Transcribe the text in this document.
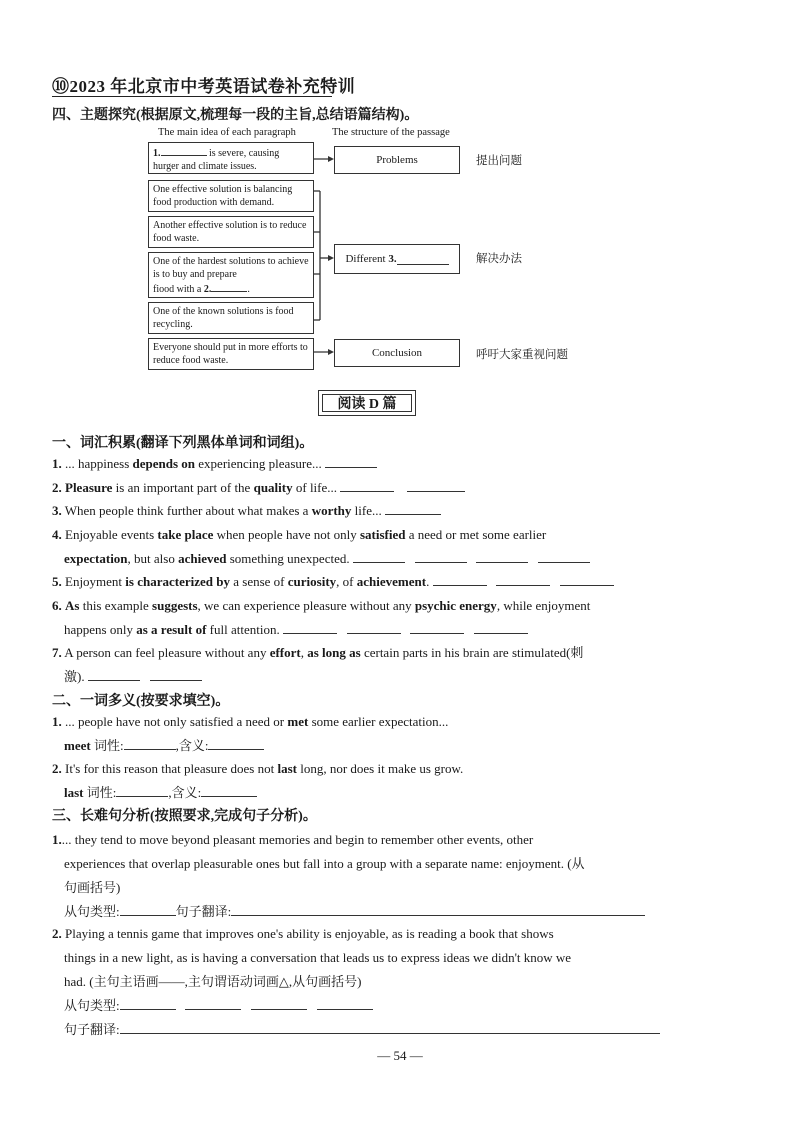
⑩2023 年北京市中考英语试卷补充特训
四、主题探究(根据原文,梳理每一段的主旨,总结语篇结构)。
The main idea of each paragraph	The structure of the passage
1.	is severe, causing
hurger and climate issues.
One effective solution is balancing food production with demand.
Another effective solution is to reduce food waste.
One of the hardest solutions to achieve is to buy and prepare
fiood with a 2.	.
One of the known solutions is food recycling.
Everyone should put in more efforts to reduce food waste.
Problems
Different
3.
Conclusion
提出问题
解决办法
呼吁大家重视问题
阅读 D 篇
一、词汇积累(翻译下列黑体单词和词组)。
1. ... happiness depends on experiencing pleasure...
2. Pleasure is an important part of the quality of life...
3. When people think further about what makes a worthy life...
4. Enjoyable events take place when people have not only satisfied a need or met some earlier
expectation, but also achieved something unexpected.
5. Enjoyment is characterized by a sense of curiosity, of achievement.
6. As this example suggests, we can experience pleasure without any psychic energy, while enjoyment
happens only as a result of full attention.
7. A person can feel pleasure without any effort, as long as certain parts in his brain are stimulated(刺
激).
二、一词多义(按要求填空)。
1. ... people have not only satisfied a need or met some earlier expectation...
meet 词性:	,含义:
2. It's for this reason that pleasure does not last long, nor does it make us grow.
last 词性:	,含义:
三、长难句分析(按照要求,完成句子分析)。
1.... they tend to move beyond pleasant memories and begin to remember other events, other
experiences that overlap pleasurable ones but fall into a group with a separate name: enjoyment. (从
句画括号)
从句类型:	句子翻译:
2. Playing a tennis game that improves one's ability is enjoyable, as is reading a book that shows
things in a new light, as is having a conversation that leads us to express ideas we didn't know we
had. (主句主语画——,主句谓语动词画△,从句画括号)
从句类型:
句子翻译:
— 54 —
